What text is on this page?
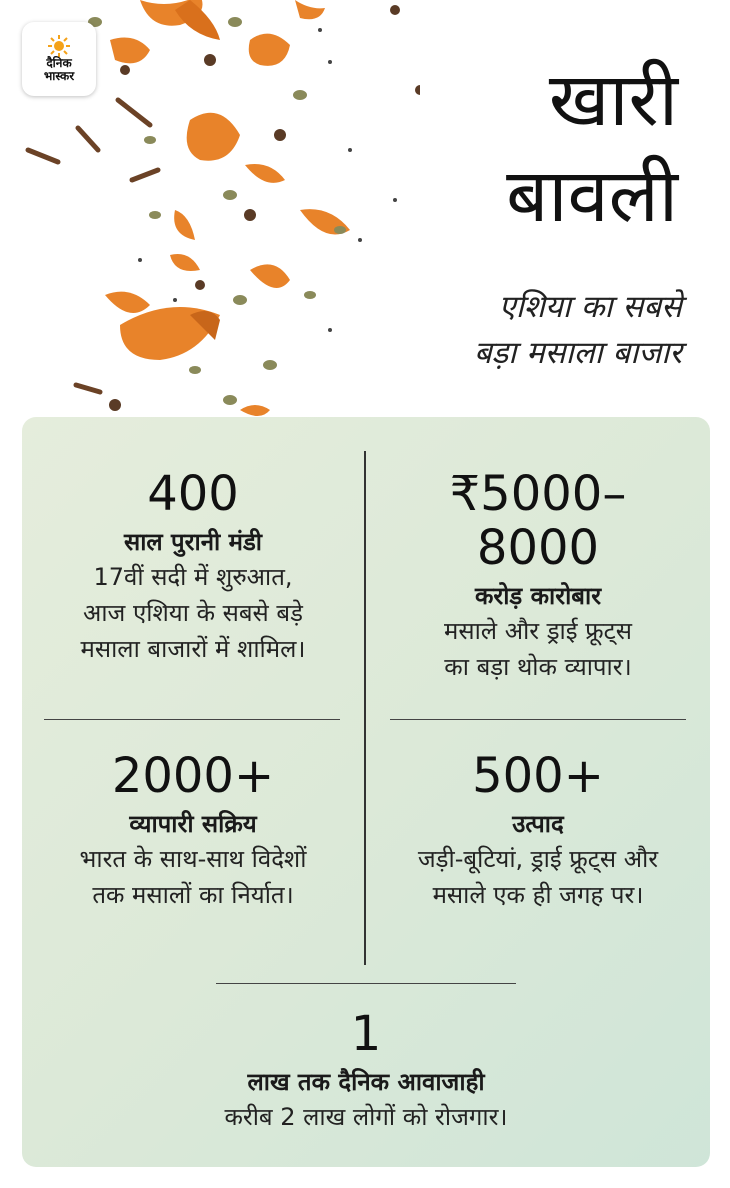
दैनिक
भास्कर	खारी
बावली
एशिया का सबसे
बड़ा मसाला बाजार
400
साल पुरानी मंडी
17वीं सदी में शुरुआत,
आज एशिया के सबसे बड़े
मसाला बाजारों में शामिल।
₹5000–
8000
करोड़ कारोबार
मसाले और ड्राई फ्रूट्स
का बड़ा थोक व्यापार।
2000+
व्यापारी सक्रिय
भारत के साथ-साथ विदेशों
तक मसालों का निर्यात।
500+
उत्पाद
जड़ी-बूटियां, ड्राई फ्रूट्स और
मसाले एक ही जगह पर।
1
लाख तक दैनिक आवाजाही
करीब 2 लाख लोगों को रोजगार।
